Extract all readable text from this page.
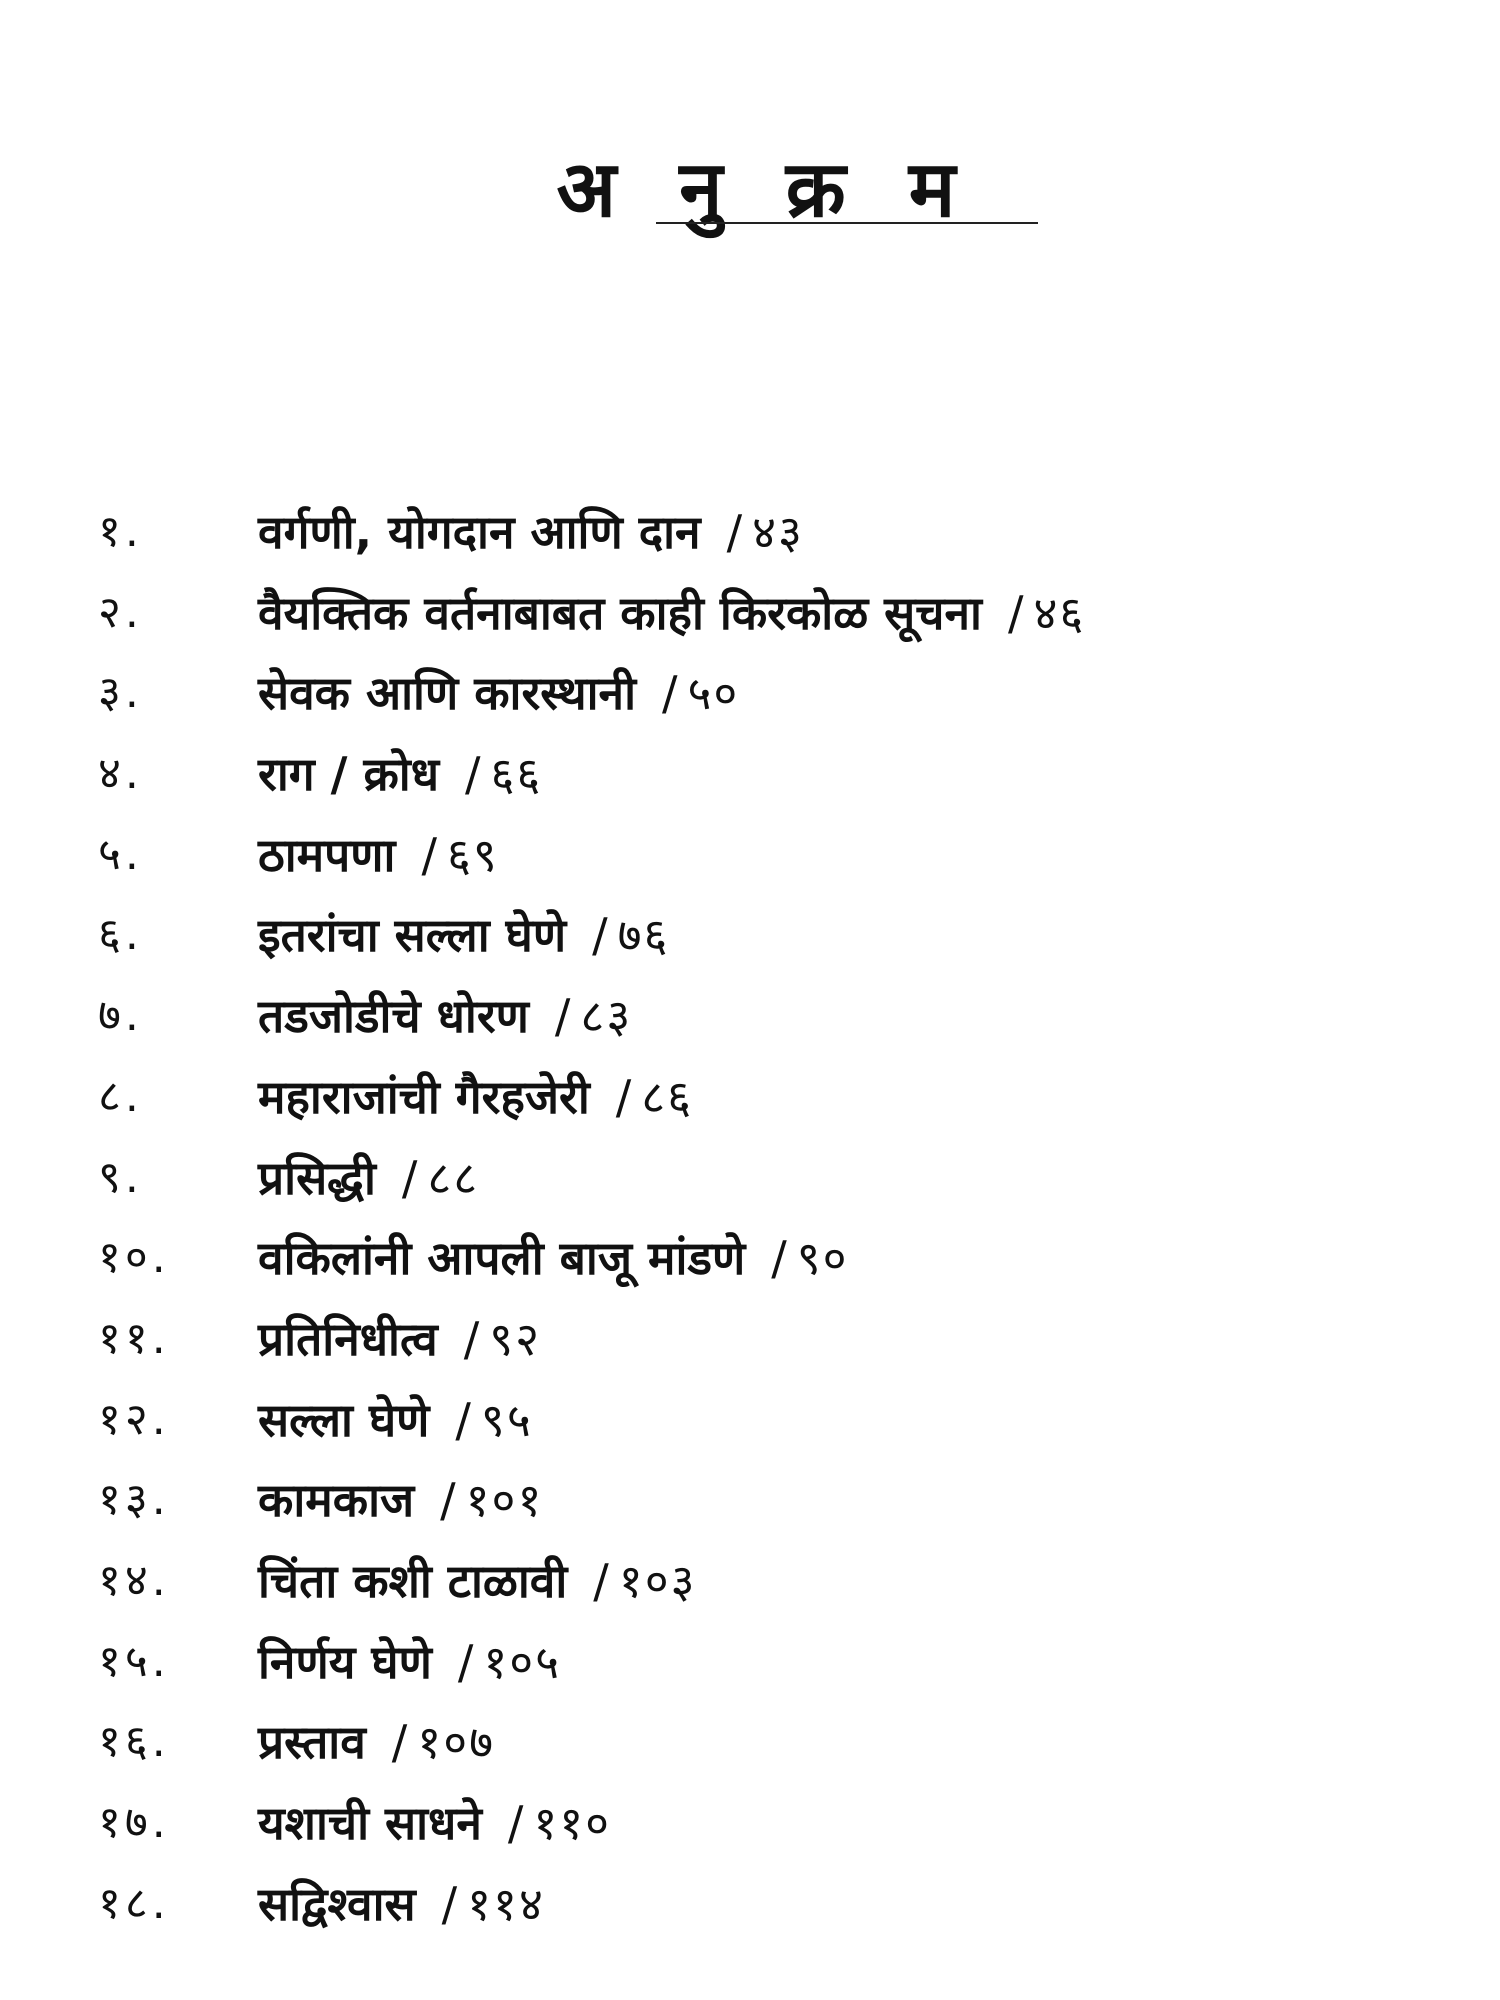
अ नु क्र म
१.	वर्गणी, योगदान आणि दान / ४३
२.	वैयक्तिक वर्तनाबाबत काही किरकोळ सूचना / ४६
३.	सेवक आणि कारस्थानी / ५०
४.	राग / क्रोध / ६६
५.	ठामपणा / ६९
६.	इतरांचा सल्ला घेणे / ७६
७.	तडजोडीचे धोरण / ८३
८.	महाराजांची गैरहजेरी / ८६
९.	प्रसिद्धी / ८८
१०. वकिलांनी आपली बाजू मांडणे / ९०
११. प्रतिनिधीत्व / ९२
१२. सल्ला घेणे / ९५
१३. कामकाज / १०१
१४. चिंता कशी टाळावी / १०३
१५. निर्णय घेणे / १०५
१६. प्रस्ताव / १०७
१७. यशाची साधने / ११०
१८. सद्विश्वास / ११४
